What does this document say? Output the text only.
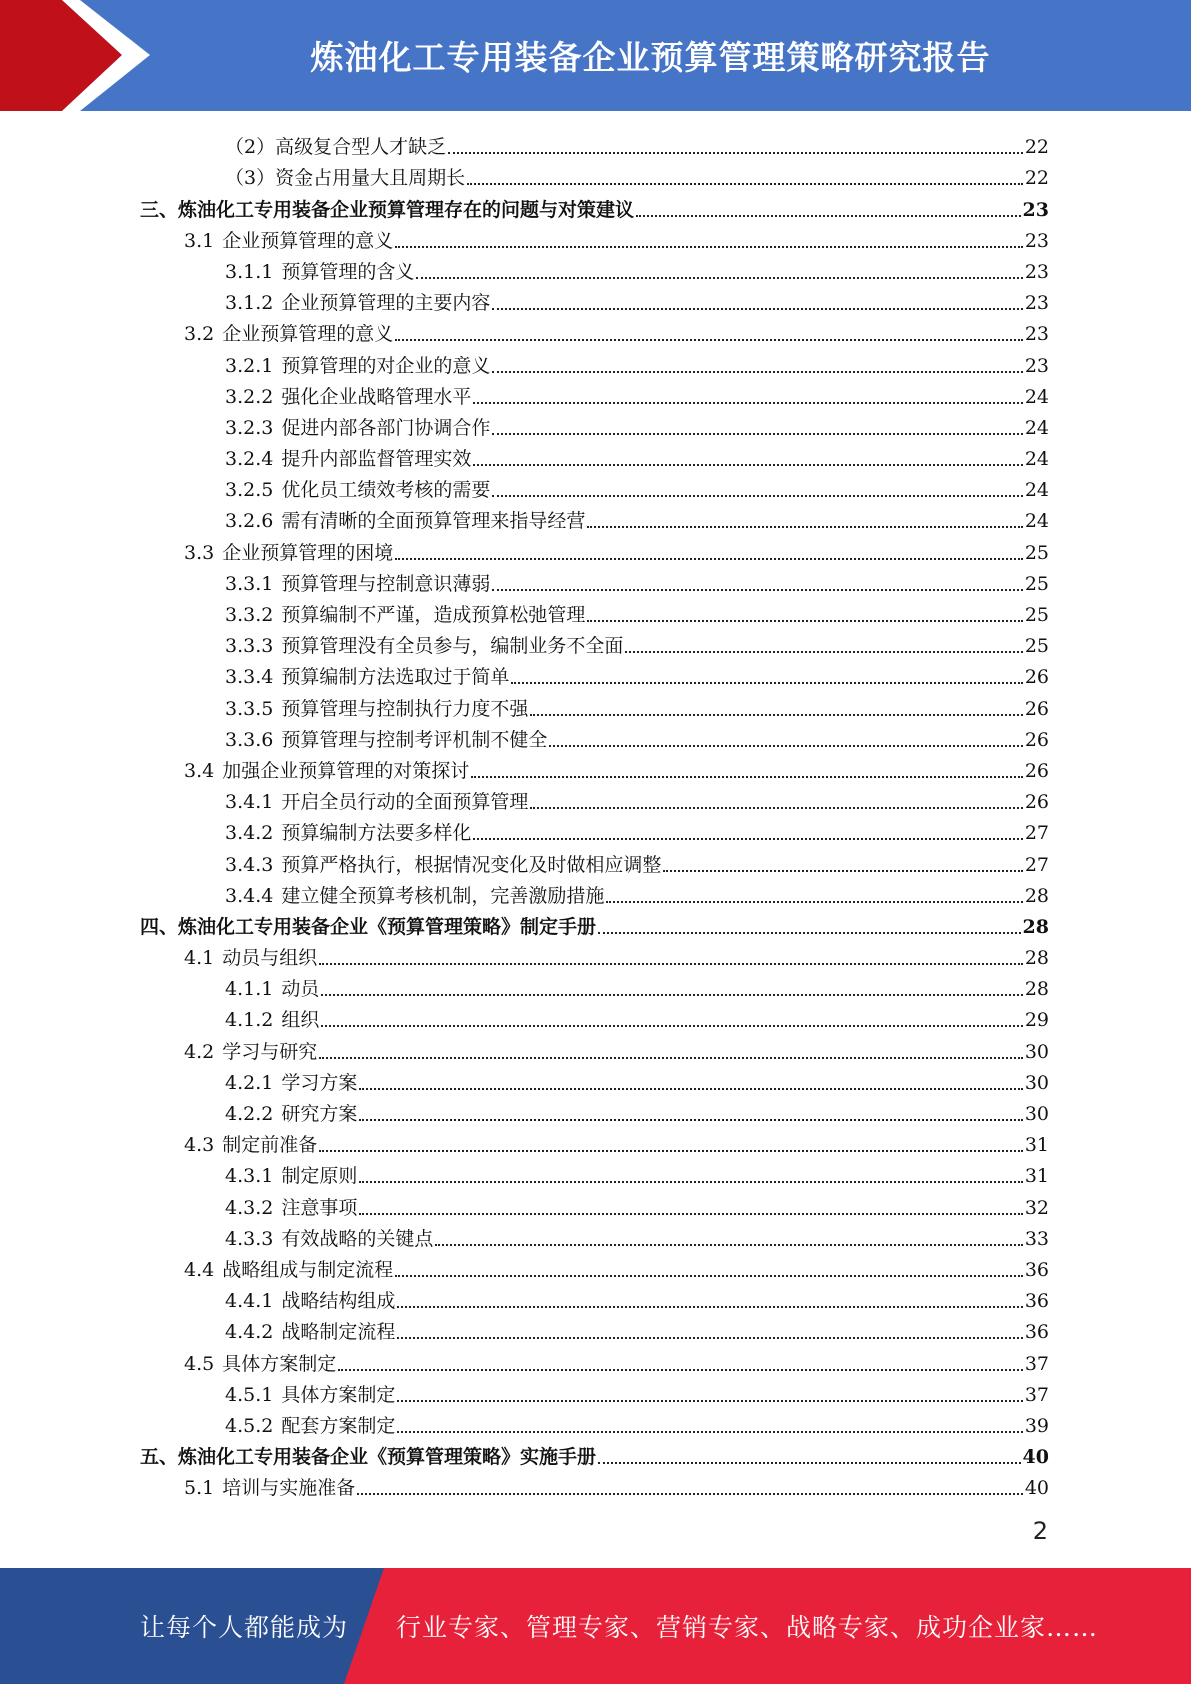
炼油化工专用装备企业预算管理策略研究报告
（2）高级复合型人才缺乏	22
（3）资金占用量大且周期长	22
三、炼油化工专用装备企业预算管理存在的问题与对策建议	23
3.1 企业预算管理的意义	23
3.1.1 预算管理的含义	23
3.1.2 企业预算管理的主要内容	23
3.2 企业预算管理的意义	23
3.2.1 预算管理的对企业的意义	23
3.2.2 强化企业战略管理水平	24
3.2.3 促进内部各部门协调合作	24
3.2.4 提升内部监督管理实效	24
3.2.5 优化员工绩效考核的需要	24
3.2.6 需有清晰的全面预算管理来指导经营	24
3.3 企业预算管理的困境	25
3.3.1 预算管理与控制意识薄弱	25
3.3.2 预算编制不严谨，造成预算松弛管理	25
3.3.3 预算管理没有全员参与，编制业务不全面	25
3.3.4 预算编制方法选取过于简单	26
3.3.5 预算管理与控制执行力度不强	26
3.3.6 预算管理与控制考评机制不健全	26
3.4 加强企业预算管理的对策探讨	26
3.4.1 开启全员行动的全面预算管理	26
3.4.2 预算编制方法要多样化	27
3.4.3 预算严格执行，根据情况变化及时做相应调整	27
3.4.4 建立健全预算考核机制，完善激励措施	28
四、炼油化工专用装备企业《预算管理策略》制定手册	28
4.1 动员与组织	28
4.1.1 动员	28
4.1.2 组织	29
4.2 学习与研究	30
4.2.1 学习方案	30
4.2.2 研究方案	30
4.3 制定前准备	31
4.3.1 制定原则	31
4.3.2 注意事项	32
4.3.3 有效战略的关键点	33
4.4 战略组成与制定流程	36
4.4.1 战略结构组成	36
4.4.2 战略制定流程	36
4.5 具体方案制定	37
4.5.1 具体方案制定	37
4.5.2 配套方案制定	39
五、炼油化工专用装备企业《预算管理策略》实施手册	40
5.1 培训与实施准备	40
2
让每个人都能成为 行业专家、管理专家、营销专家、战略专家、成功企业家……
